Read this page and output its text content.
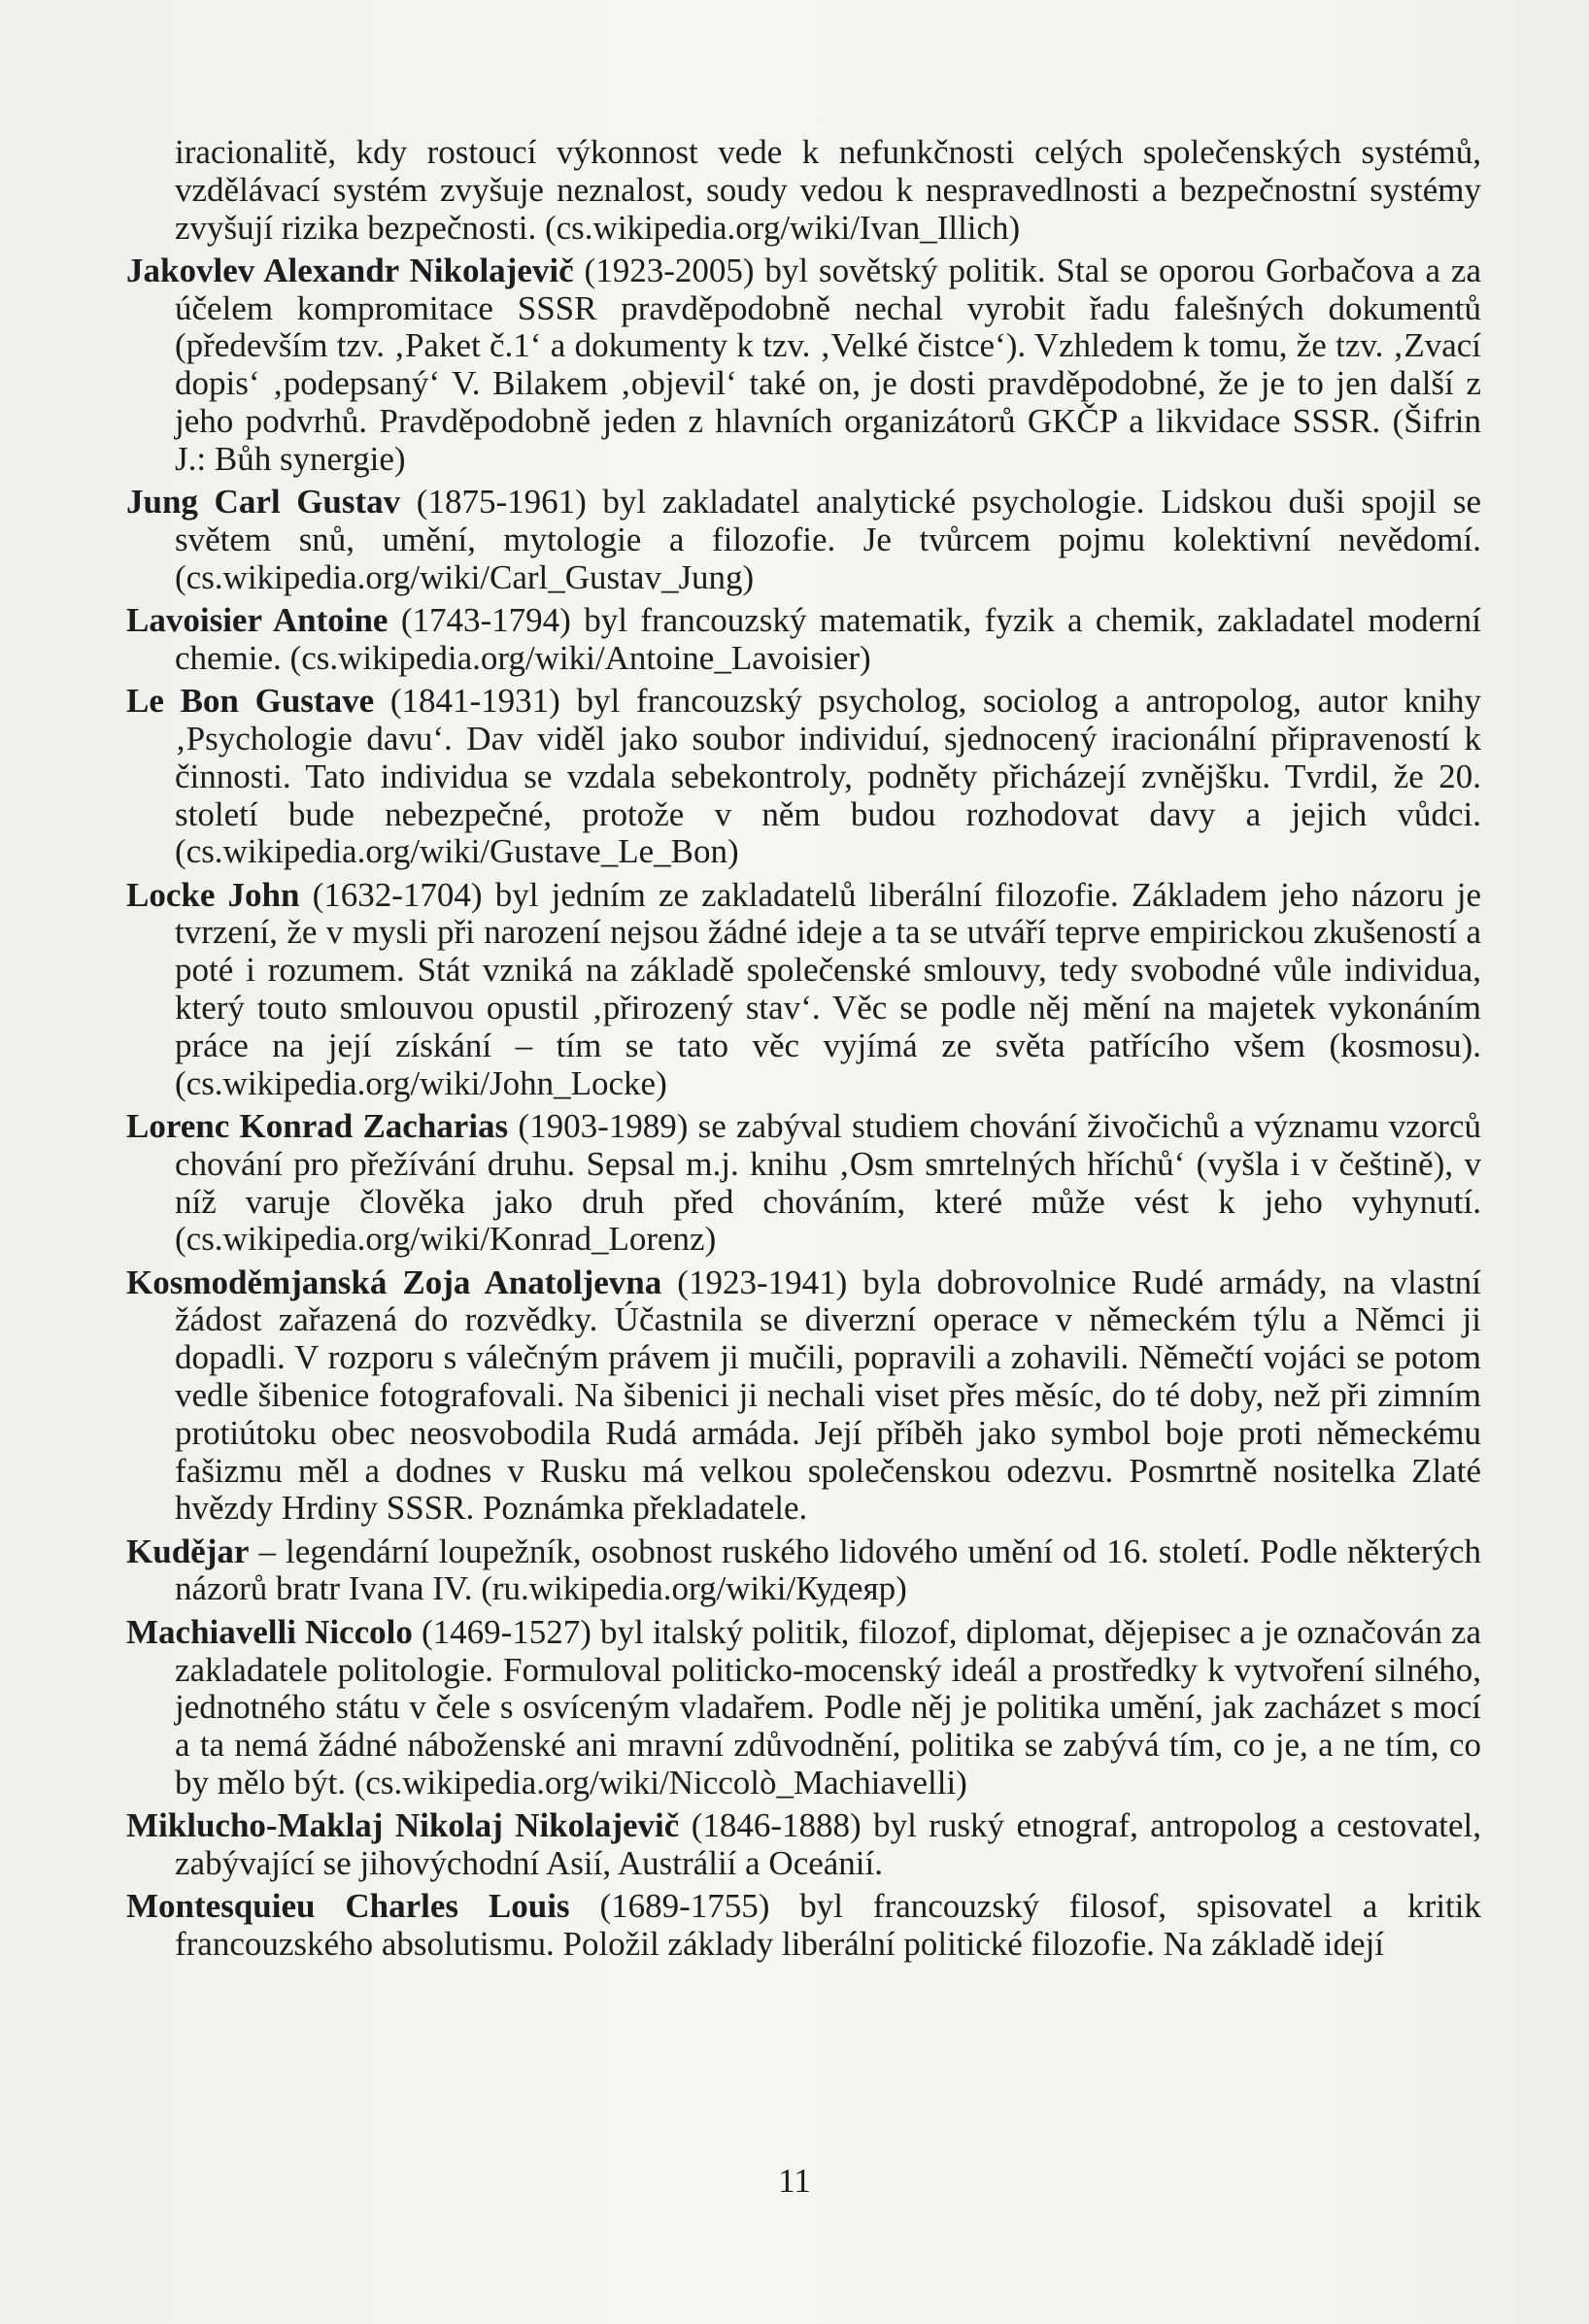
iracionalitě, kdy rostoucí výkonnost vede k nefunkčnosti celých společenských systémů, vzdělávací systém zvyšuje neznalost, soudy vedou k nespravedlnosti a bezpečnostní systémy zvyšují rizika bezpečnosti. (cs.wikipedia.org/wiki/Ivan_Illich)

Jakovlev Alexandr Nikolajevič (1923-2005) byl sovětský politik. Stal se oporou Gorbačova a za účelem kompromitace SSSR pravděpodobně nechal vyrobit řadu falešných dokumentů (především tzv. ‚Paket č.1‘ a dokumenty k tzv. ‚Velké čistce‘). Vzhledem k tomu, že tzv. ‚Zvací dopis‘ ‚podepsaný‘ V. Bilakem ‚objevil‘ také on, je dosti pravděpodobné, že je to jen další z jeho podvrhů. Pravděpodobně jeden z hlavních organizátorů GKČP a likvidace SSSR. (Šifrin J.: Bůh synergie)

Jung Carl Gustav (1875-1961) byl zakladatel analytické psychologie. Lidskou duši spojil se světem snů, umění, mytologie a filozofie. Je tvůrcem pojmu kolektivní nevědomí. (cs.wikipedia.org/wiki/Carl_Gustav_Jung)

Lavoisier Antoine (1743-1794) byl francouzský matematik, fyzik a chemik, zakladatel moderní chemie. (cs.wikipedia.org/wiki/Antoine_Lavoisier)

Le Bon Gustave (1841-1931) byl francouzský psycholog, sociolog a antropolog, autor knihy ‚Psychologie davu‘. Dav viděl jako soubor individuí, sjednocený iracionální připraveností k činnosti. Tato individua se vzdala sebekontroly, podněty přicházejí zvnějšku. Tvrdil, že 20. století bude nebezpečné, protože v něm budou rozhodovat davy a jejich vůdci. (cs.wikipedia.org/wiki/Gustave_Le_Bon)

Locke John (1632-1704) byl jedním ze zakladatelů liberální filozofie. Základem jeho názoru je tvrzení, že v mysli při narození nejsou žádné ideje a ta se utváří teprve empirickou zkušeností a poté i rozumem. Stát vzniká na základě společenské smlouvy, tedy svobodné vůle individua, který touto smlouvou opustil ‚přirozený stav‘. Věc se podle něj mění na majetek vykonáním práce na její získání – tím se tato věc vyjímá ze světa patřícího všem (kosmosu). (cs.wikipedia.org/wiki/John_Locke)

Lorenc Konrad Zacharias (1903-1989) se zabýval studiem chování živočichů a významu vzorců chování pro přežívání druhu. Sepsal m.j. knihu ‚Osm smrtelných hříchů‘ (vyšla i v češtině), v níž varuje člověka jako druh před chováním, které může vést k jeho vyhynutí. (cs.wikipedia.org/wiki/Konrad_Lorenz)

Kosmoděmjanská Zoja Anatoljevna (1923-1941) byla dobrovolnice Rudé armády, na vlastní žádost zařazená do rozvědky. Účastnila se diverzní operace v německém týlu a Němci ji dopadli. V rozporu s válečným právem ji mučili, popravili a zohavili. Němečtí vojáci se potom vedle šibenice fotografovali. Na šibenici ji nechali viset přes měsíc, do té doby, než při zimním protiútoku obec neosvobodila Rudá armáda. Její příběh jako symbol boje proti německému fašizmu měl a dodnes v Rusku má velkou společenskou odezvu. Posmrtně nositelka Zlaté hvězdy Hrdiny SSSR. Poznámka překladatele.

Kudějar – legendární loupežník, osobnost ruského lidového umění od 16. století. Podle některých názorů bratr Ivana IV. (ru.wikipedia.org/wiki/Кудеяр)

Machiavelli Niccolo (1469-1527) byl italský politik, filozof, diplomat, dějepisec a je označován za zakladatele politologie. Formuloval politicko-mocenský ideál a prostředky k vytvoření silného, jednotného státu v čele s osvíceným vladařem. Podle něj je politika umění, jak zacházet s mocí a ta nemá žádné náboženské ani mravní zdůvodnění, politika se zabývá tím, co je, a ne tím, co by mělo být. (cs.wikipedia.org/wiki/Niccolò_Machiavelli)

Miklucho-Maklaj Nikolaj Nikolajevič (1846-1888) byl ruský etnograf, antropolog a cestovatel, zabývající se jihovýchodní Asií, Austrálií a Oceánií.

Montesquieu Charles Louis (1689-1755) byl francouzský filosof, spisovatel a kritik francouzského absolutismu. Položil základy liberální politické filozofie. Na základě idejí

11
